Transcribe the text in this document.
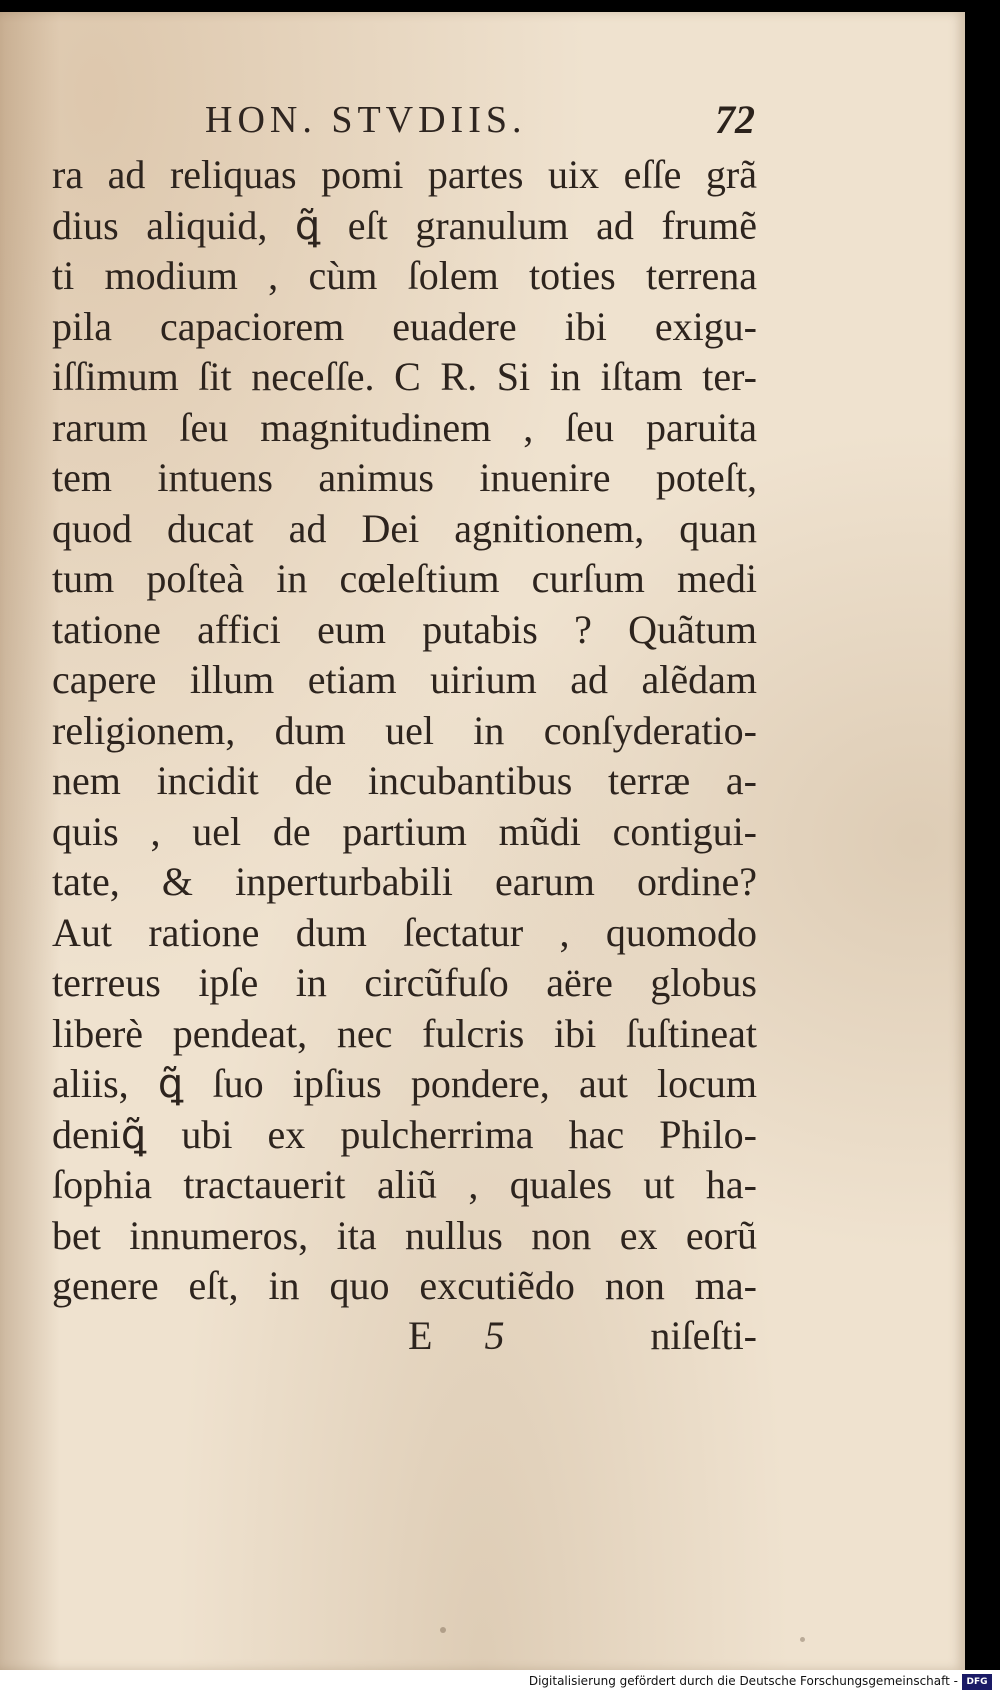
HON. STVDIIS.	72
ra ad reliquas pomi partes uix eſſe grã
dius aliquid, ꝗ̃ eſt granulum ad frumẽ
ti modium , cùm ſolem toties terrena
pila capaciorem euadere ibi exigu-
iſſimum ſit neceſſe. C R. Si in iſtam ter-
rarum ſeu magnitudinem , ſeu paruita
tem intuens animus inuenire poteſt,
quod ducat ad Dei agnitionem, quan
tum poſteà in cœleſtium curſum medi
tatione affici eum putabis ? Quãtum
capere illum etiam uirium ad alẽdam
religionem, dum uel in conſyderatio-
nem incidit de incubantibus terræ a-
quis , uel de partium mũdi contigui-
tate, & inperturbabili earum ordine?
Aut ratione dum ſectatur , quomodo
terreus ipſe in circũfuſo aëre globus
liberè pendeat, nec fulcris ibi ſuſtineat
aliis, ꝗ̃ ſuo ipſius pondere, aut locum
deniꝗ̃ ubi ex pulcherrima hac Philo-
ſophia tractauerit aliũ , quales ut ha-
bet innumeros, ita nullus non ex eorũ
genere eſt, in quo excutiẽdo non ma-
E 5	niſeſti-
Digitalisierung gefördert durch die Deutsche Forschungsgemeinschaft - DFG
